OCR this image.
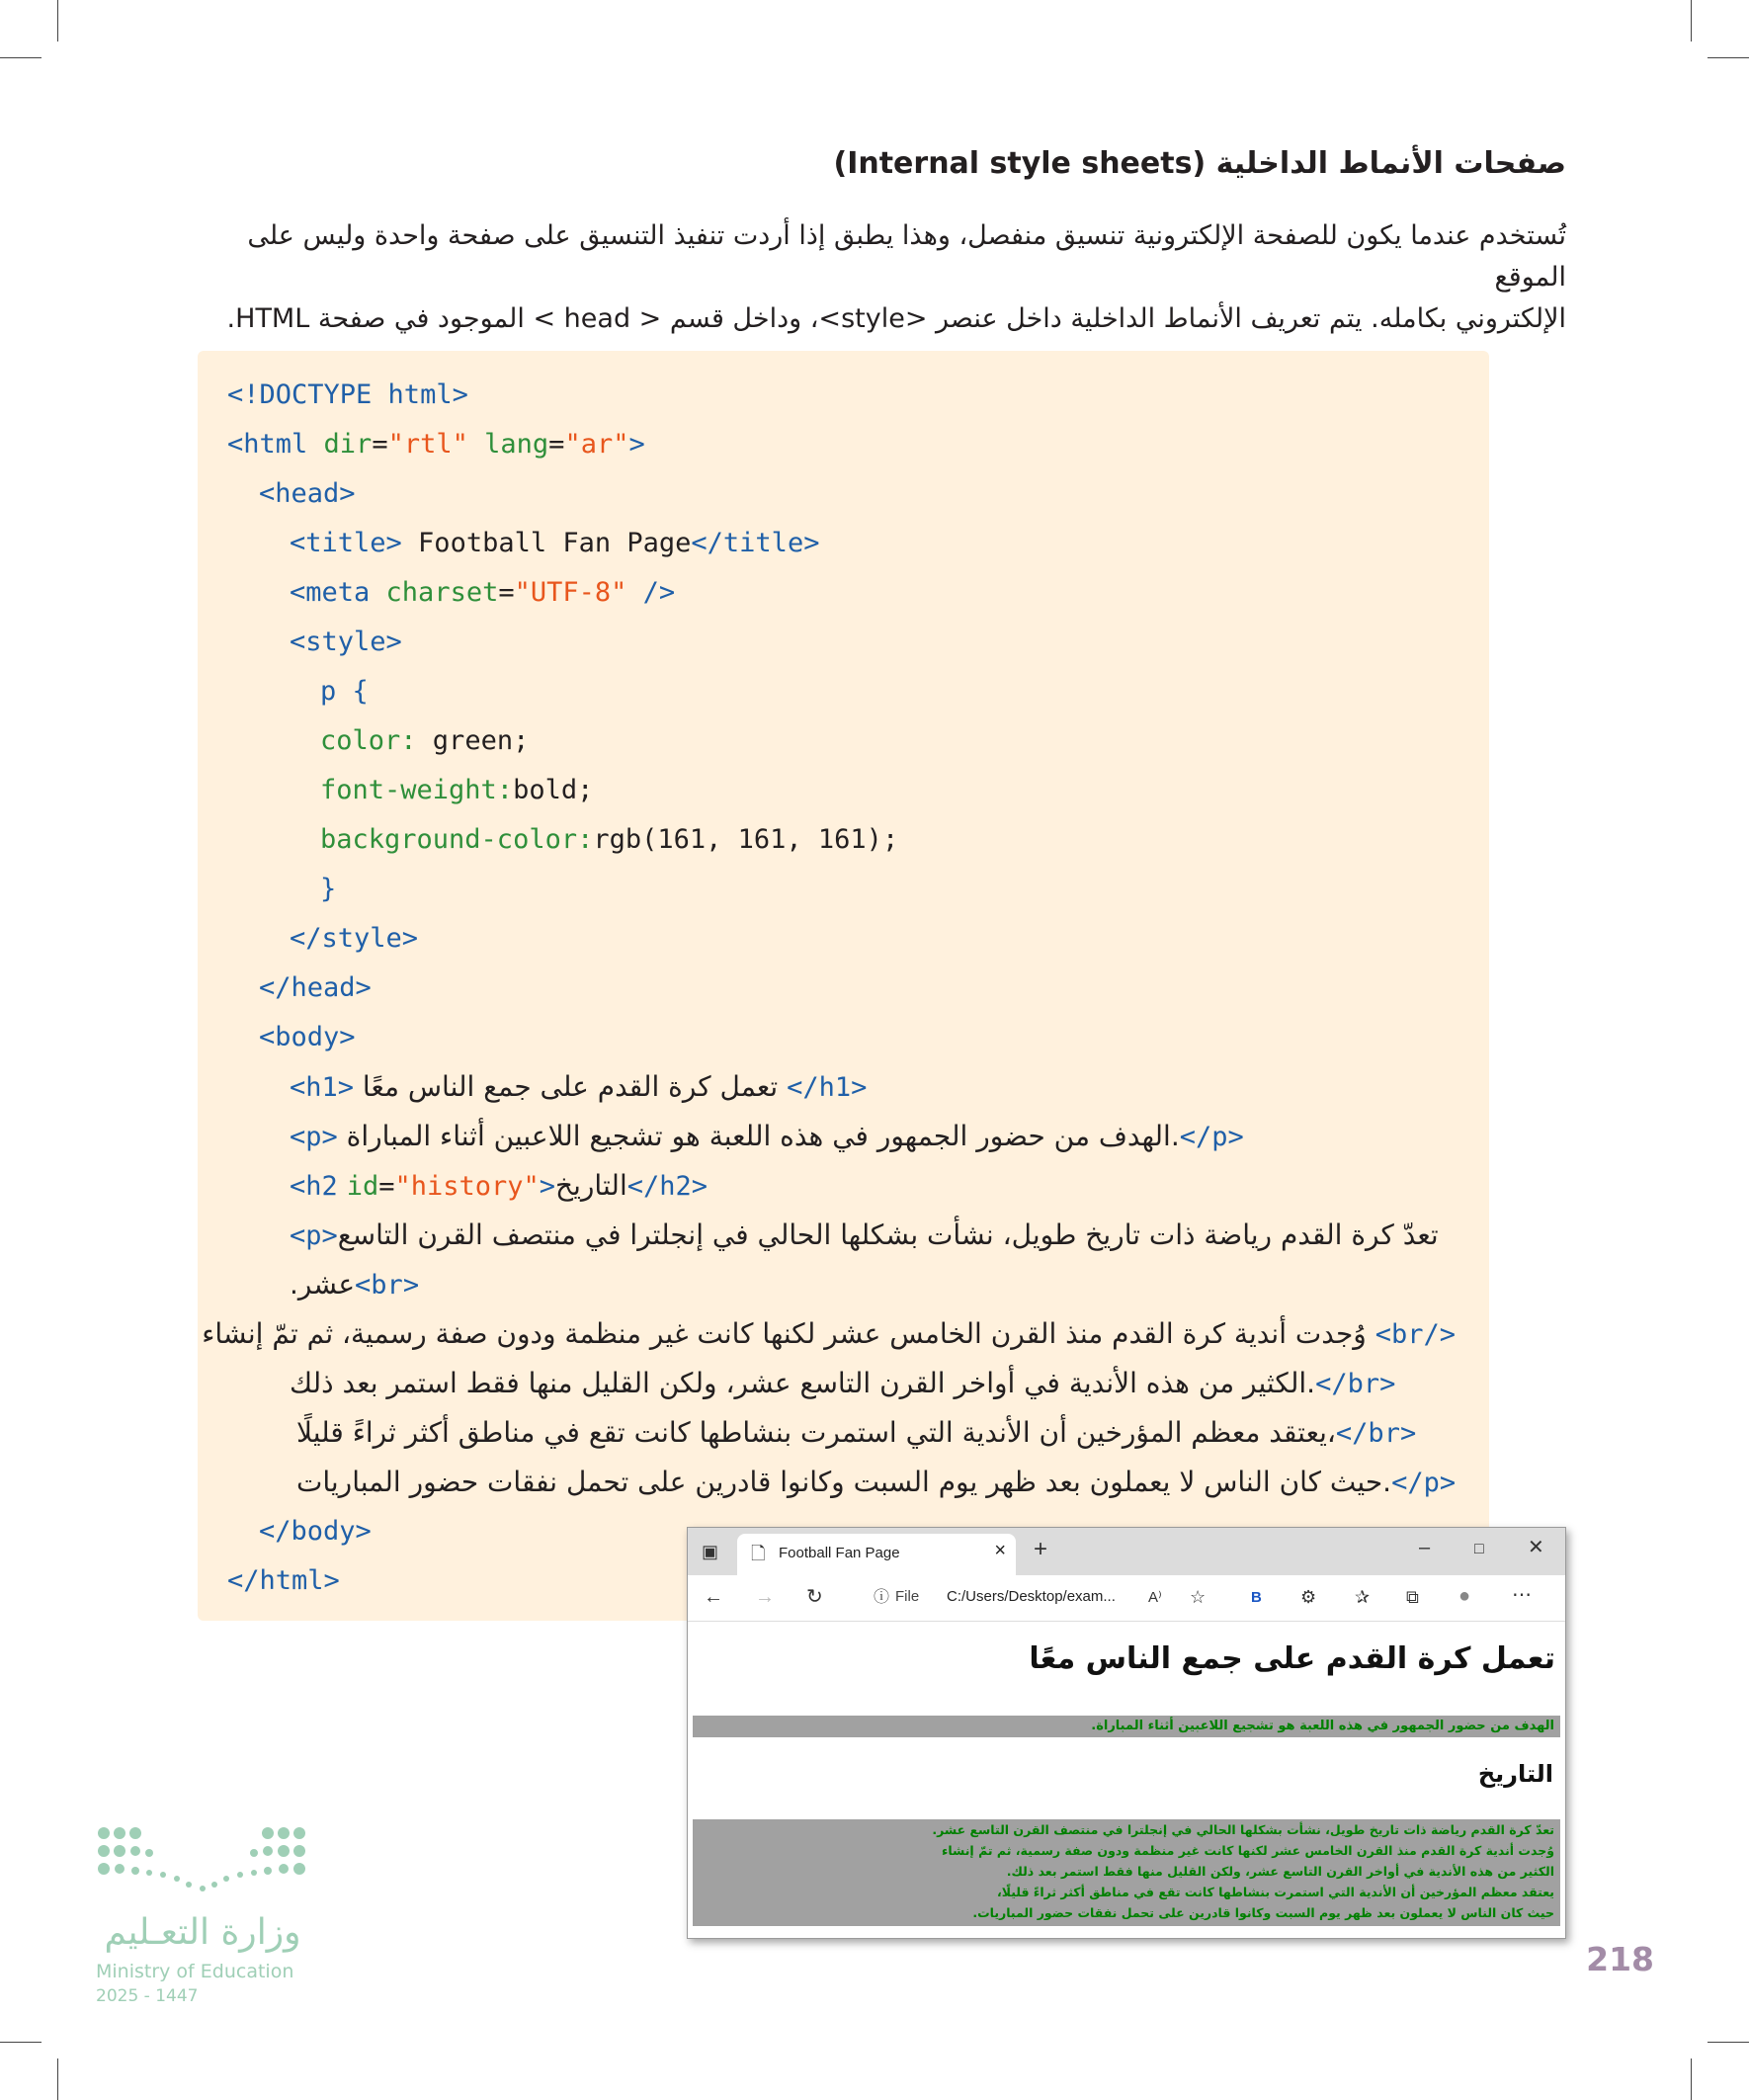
صفحات الأنماط الداخلية (Internal style sheets)

تُستخدم عندما يكون للصفحة الإلكترونية تنسيق منفصل، وهذا يطبق إذا أردت تنفيذ التنسيق على صفحة واحدة وليس على الموقع

الإلكتروني بكامله. يتم تعريف الأنماط الداخلية داخل عنصر <style>، وداخل قسم < head > الموجود في صفحة HTML.

<!DOCTYPE html>
<html dir="rtl" lang="ar">
<head>
<title> Football Fan Page</title>
<meta charset="UTF-8" />
<style>
p {
color: green;
font-weight:bold;
background-color:rgb(161, 161, 161);
}
</style>
</head>
<body>
<h1> تعمل كرة القدم على جمع الناس معًا </h1>
<p>.الهدف من حضور الجمهور في هذه اللعبة هو تشجيع اللاعبين أثناء المباراة </p>
<h2 id="history">التاريخ</h2>
<p>تعدّ كرة القدم رياضة ذات تاريخ طويل، نشأت بشكلها الحالي في إنجلترا في منتصف القرن التاسع
عشر.<br>
</br> وُجدت أندية كرة القدم منذ القرن الخامس عشر لكنها كانت غير منظمة ودون صفة رسمية، ثم تمّ إنشاء
.الكثير من هذه الأندية في أواخر القرن التاسع عشر، ولكن القليل منها فقط استمر بعد ذلك</br>
،يعتقد معظم المؤرخين أن الأندية التي استمرت بنشاطها كانت تقع في مناطق أكثر ثراءً قليلًا</br>
.حيث كان الناس لا يعملون بعد ظهر يوم السبت وكانوا قادرين على تحمل نفقات حضور المباريات</p>
</body>
</html>
▣ 🗋 Football Fan Page	× +	–	□ ✕
← → ↻	ⓘ File C:/Users/Desktop/exam... A⁾ ☆	B ⚙ ✰ ⧉ ● ⋯
تعمل كرة القدم على جمع الناس معًا
الهدف من حضور الجمهور في هذه اللعبة هو تشجيع اللاعبين أثناء المباراة.
التاريخ
تعدّ كرة القدم رياضة ذات تاريخ طويل، نشأت بشكلها الحالي في إنجلترا في منتصف القرن التاسع عشر.
وُجدت أندية كرة القدم منذ القرن الخامس عشر لكنها كانت غير منظمة ودون صفة رسمية، ثم تمّ إنشاء
الكثير من هذه الأندية في أواخر القرن التاسع عشر، ولكن القليل منها فقط استمر بعد ذلك.
يعتقد معظم المؤرخين أن الأندية التي استمرت بنشاطها كانت تقع في مناطق أكثر ثراءً قليلًا،
حيث كان الناس لا يعملون بعد ظهر يوم السبت وكانوا قادرين على تحمل نفقات حضور المباريات.
وزارة التعـليم
Ministry of Education
2025 - 1447
218
